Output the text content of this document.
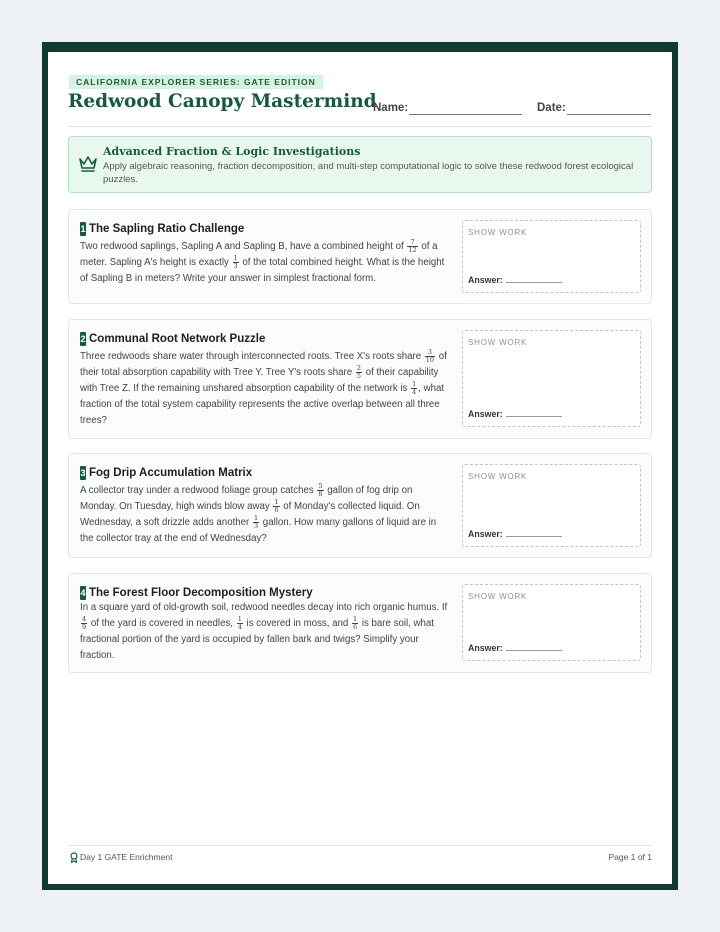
CALIFORNIA EXPLORER SERIES: GATE EDITION
Redwood Canopy Mastermind
Name:	Date:
Advanced Fraction & Logic Investigations

Apply algebraic reasoning, fraction decomposition, and multi-step computational logic to solve these redwood forest ecological puzzles.

1 The Sapling Ratio Challenge

Two redwood saplings, Sapling A and Sapling B, have a combined height of $\frac{7}{12}$ of a meter. Sapling A's height is exactly $\frac{1}{3}$ of the total combined height. What is the height of Sapling B in meters? Write your answer in simplest fractional form.

SHOW WORK
Answer:
2 Communal Root Network Puzzle

Three redwoods share water through interconnected roots. Tree X's roots share $\frac{3}{10}$ of their total absorption capability with Tree Y. Tree Y's roots share $\frac{2}{5}$ of their capability with Tree Z. If the remaining unshared absorption capability of the network is $\frac{1}{4}$ , what fraction of the total system capability represents the active overlap between all three trees?

SHOW WORK
Answer:
3 Fog Drip Accumulation Matrix

A collector tray under a redwood foliage group catches $\frac{5}{8}$ gallon of fog drip on Monday. On Tuesday, high winds blow away $\frac{1}{6}$ of Monday's collected liquid. On Wednesday, a soft drizzle adds another $\frac{1}{3}$ gallon. How many gallons of liquid are in the collector tray at the end of Wednesday?

SHOW WORK
Answer:
4 The Forest Floor Decomposition Mystery

In a square yard of old-growth soil, redwood needles decay into rich organic humus. If
$\frac{4}{9}$ of the yard is covered in needles, $\frac{1}{4}$ is covered in moss, and $\frac{1}{6}$ is bare soil, what fractional portion of the yard is occupied by fallen bark and twigs? Simplify your fraction.

SHOW WORK
Answer:
Day 1 GATE Enrichment	Page 1 of 1
